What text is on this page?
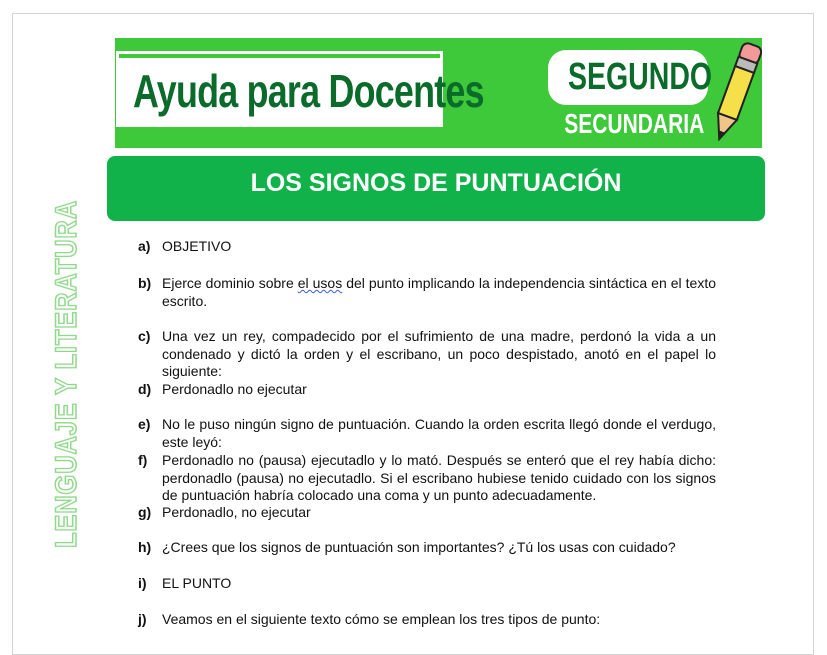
Ayuda para Docentes SEGUNDO
SECUNDARIA
LOS SIGNOS DE PUNTUACIÓN
LENGUAJE Y LITERATURA	a) OBJETIVO
b) Ejerce dominio sobre el usos del punto implicando la independencia sintáctica en el texto escrito.
c) Una vez un rey, compadecido por el sufrimiento de una madre, perdonó la vida a un condenado y dictó la orden y el escribano, un poco despistado, anotó en el papel lo siguiente:
d) Perdonadlo no ejecutar
e) No le puso ningún signo de puntuación. Cuando la orden escrita llegó donde el verdugo, este leyó:
f) Perdonadlo no (pausa) ejecutadlo y lo mató. Después se enteró que el rey había dicho: perdonadlo (pausa) no ejecutadlo. Si el escribano hubiese tenido cuidado con los signos de puntuación habría colocado una coma y un punto adecuadamente.
g) Perdonadlo, no ejecutar
h) ¿Crees que los signos de puntuación son importantes? ¿Tú los usas con cuidado?
i) EL PUNTO
j) Veamos en el siguiente texto cómo se emplean los tres tipos de punto:
